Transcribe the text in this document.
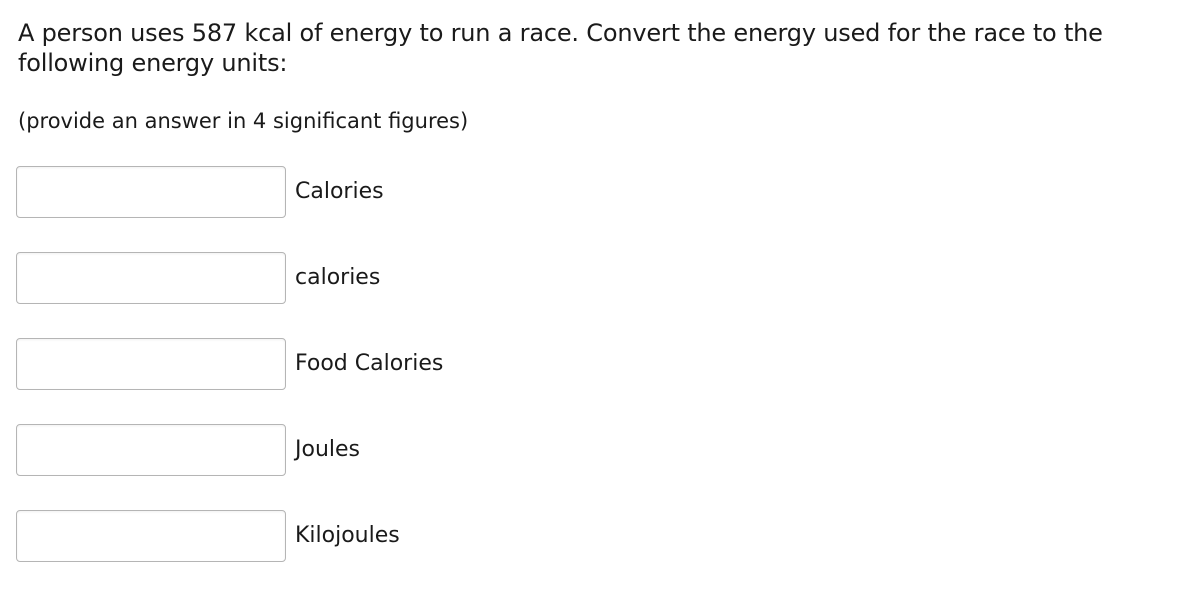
A person uses 587 kcal of energy to run a race. Convert the energy used for the race to the following energy units:

(provide an answer in 4 significant figures)

Calories
calories
Food Calories
Joules
Kilojoules
